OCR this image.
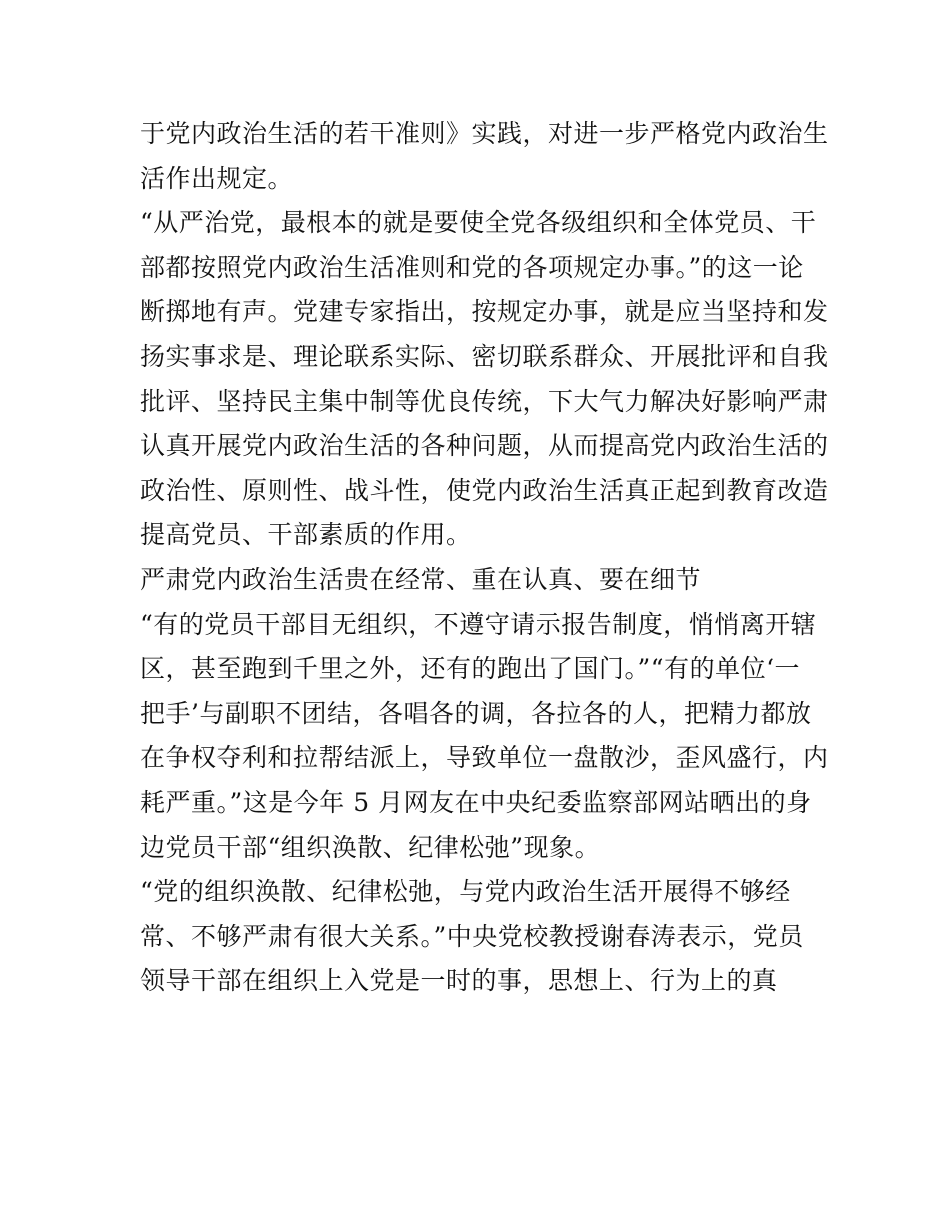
于党内政治生活的若干准则》实践，对进一步严格党内政治生
活作出规定。
“从严治党，最根本的就是要使全党各级组织和全体党员、干
部都按照党内政治生活准则和党的各项规定办事。”的这一论
断掷地有声。党建专家指出，按规定办事，就是应当坚持和发
扬实事求是、理论联系实际、密切联系群众、开展批评和自我
批评、坚持民主集中制等优良传统，下大气力解决好影响严肃
认真开展党内政治生活的各种问题，从而提高党内政治生活的
政治性、原则性、战斗性，使党内政治生活真正起到教育改造
提高党员、干部素质的作用。
严肃党内政治生活贵在经常、重在认真、要在细节
“有的党员干部目无组织，不遵守请示报告制度，悄悄离开辖
区，甚至跑到千里之外，还有的跑出了国门。”“有的单位‘一
把手’与副职不团结，各唱各的调，各拉各的人，把精力都放
在争权夺利和拉帮结派上，导致单位一盘散沙，歪风盛行，内
耗严重。”这是今年 5 月网友在中央纪委监察部网站晒出的身
边党员干部“组织涣散、纪律松弛”现象。
“党的组织涣散、纪律松弛，与党内政治生活开展得不够经
常、不够严肃有很大关系。”中央党校教授谢春涛表示，党员
领导干部在组织上入党是一时的事，思想上、行为上的真
